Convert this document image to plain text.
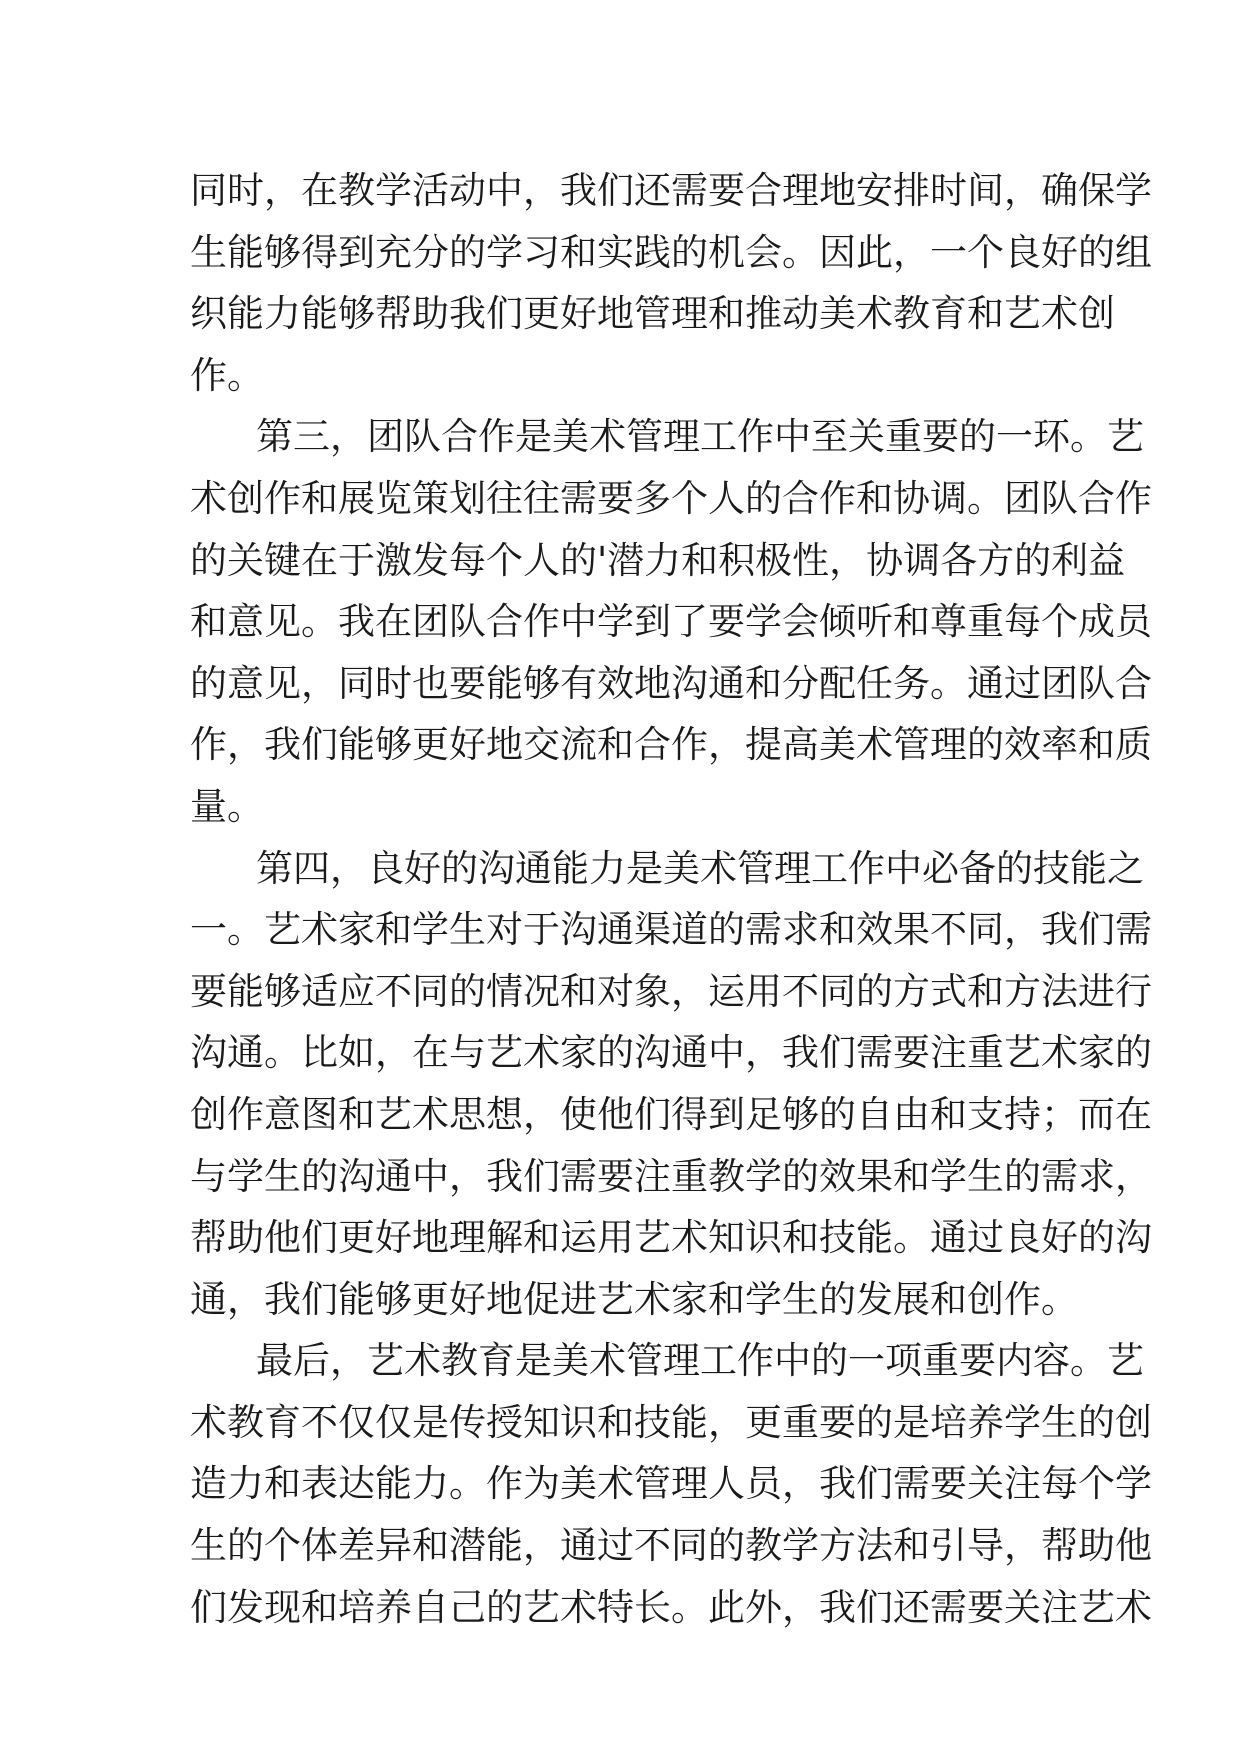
同时，在教学活动中，我们还需要合理地安排时间，确保学
生能够得到充分的学习和实践的机会。因此，一个良好的组
织能力能够帮助我们更好地管理和推动美术教育和艺术创
作。
第三，团队合作是美术管理工作中至关重要的一环。艺
术创作和展览策划往往需要多个人的合作和协调。团队合作
的关键在于激发每个人的'潜力和积极性，协调各方的利益
和意见。我在团队合作中学到了要学会倾听和尊重每个成员
的意见，同时也要能够有效地沟通和分配任务。通过团队合
作，我们能够更好地交流和合作，提高美术管理的效率和质
量。
第四，良好的沟通能力是美术管理工作中必备的技能之
一。艺术家和学生对于沟通渠道的需求和效果不同，我们需
要能够适应不同的情况和对象，运用不同的方式和方法进行
沟通。比如，在与艺术家的沟通中，我们需要注重艺术家的
创作意图和艺术思想，使他们得到足够的自由和支持；而在
与学生的沟通中，我们需要注重教学的效果和学生的需求，
帮助他们更好地理解和运用艺术知识和技能。通过良好的沟
通，我们能够更好地促进艺术家和学生的发展和创作。
最后，艺术教育是美术管理工作中的一项重要内容。艺
术教育不仅仅是传授知识和技能，更重要的是培养学生的创
造力和表达能力。作为美术管理人员，我们需要关注每个学
生的个体差异和潜能，通过不同的教学方法和引导，帮助他
们发现和培养自己的艺术特长。此外，我们还需要关注艺术
